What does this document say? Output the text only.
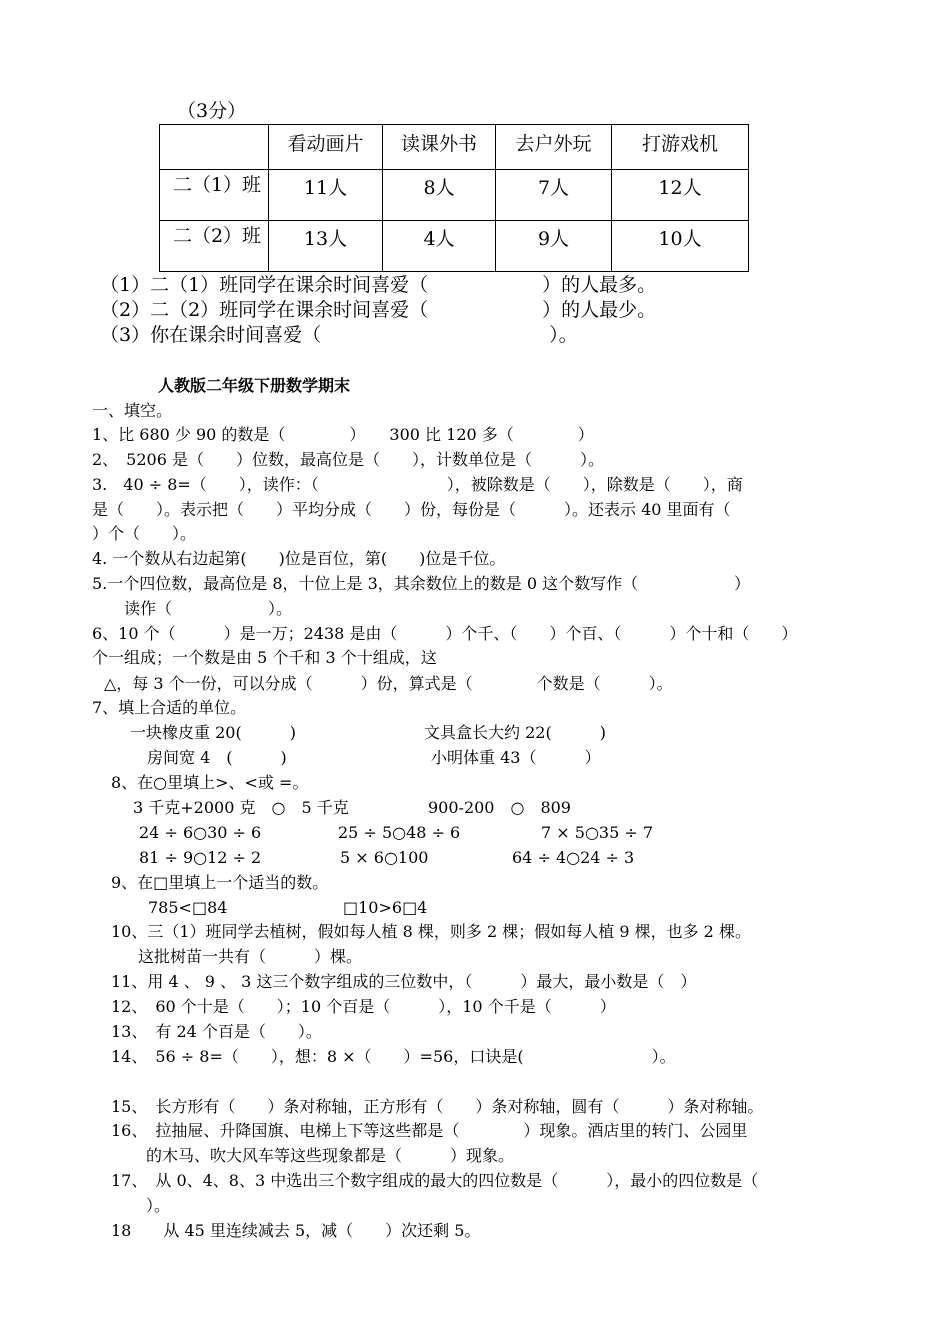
（3分）
	看动画片	读课外书	去户外玩	打游戏机
二（1）班	11人	8人	7人	12人
二（2）班	13人	4人	9人	10人
（1）二（1）班同学在课余时间喜爱（　　　　　　）的人最多。
（2）二（2）班同学在课余时间喜爱（　　　　　　）的人最少。
（3）你在课余时间喜爱（　　　　　　　　　　　　）。
人教版二年级下册数学期末
一、填空。
1、比 680 少 90 的数是（　　　　）　　300 比 120 多（　　　　）
2、　5206 是（　　）位数，最高位是（　　），计数单位是（　　　）。
3.　40 ÷ 8=（　　），读作：（　　　　　　　　），被除数是（　　），除数是（　　），商
是（　　）。表示把（　　）平均分成（　　）份，每份是（　　　）。还表示 40 里面有（
）个（　　）。
4. 一个数从右边起第(　　)位是百位，第(　　)位是千位。
5.一个四位数，最高位是 8，十位上是 3，其余数位上的数是 0 这个数写作（　　　　　　）
　读作（　　　　　　）。
6、10 个（　　　）是一万；2438 是由（　　　）个千、（　　）个百、（　　　）个十和（　　）
个一组成；一个数是由 5 个千和 3 个十组成，这
△，每 3 个一份，可以分成（　　　）份，算式是（　　　　个数是（　　　）。
7、填上合适的单位。
一块橡皮重 20(　　　)	文具盒长大约 22(　　　)
房间宽 4　(　　　)	小明体重 43（　　　）
8、在○里填上>、<或 =。
3 千克+2000 克　○　5 千克	900-200　○　809
24 ÷ 6○30 ÷ 6	25 ÷ 5○48 ÷ 6	7 × 5○35 ÷ 7
81 ÷ 9○12 ÷ 2	5 × 6○100	64 ÷ 4○24 ÷ 3
9、在□里填上一个适当的数。
785<□84	□10>6□4
10、三（1）班同学去植树，假如每人植 8 棵，则多 2 棵；假如每人植 9 棵，也多 2 棵。
这批树苗一共有（　　　）棵。
11、用 4 、 9 、 3 这三个数字组成的三位数中，（　　　）最大，最小数是（　）
12、　60 个十是（　　）；10 个百是（　　　），10 个千是（　　　）
13、　有 24 个百是（　　）。
14、　56 ÷ 8=（　　），想：8 ×（　　）=56，口诀是(　　　　　　　　）。
15、　长方形有（　　）条对称轴，正方形有（　　）条对称轴，圆有（　　　）条对称轴。
16、　拉抽屉、升降国旗、电梯上下等这些都是（　　　　）现象。酒店里的转门、公园里
的木马、吹大风车等这些现象都是（　　　）现象。
17、　从 0、4、8、3 中选出三个数字组成的最大的四位数是（　　　），最小的四位数是（
）。
18　　从 45 里连续减去 5，减（　　）次还剩 5。
